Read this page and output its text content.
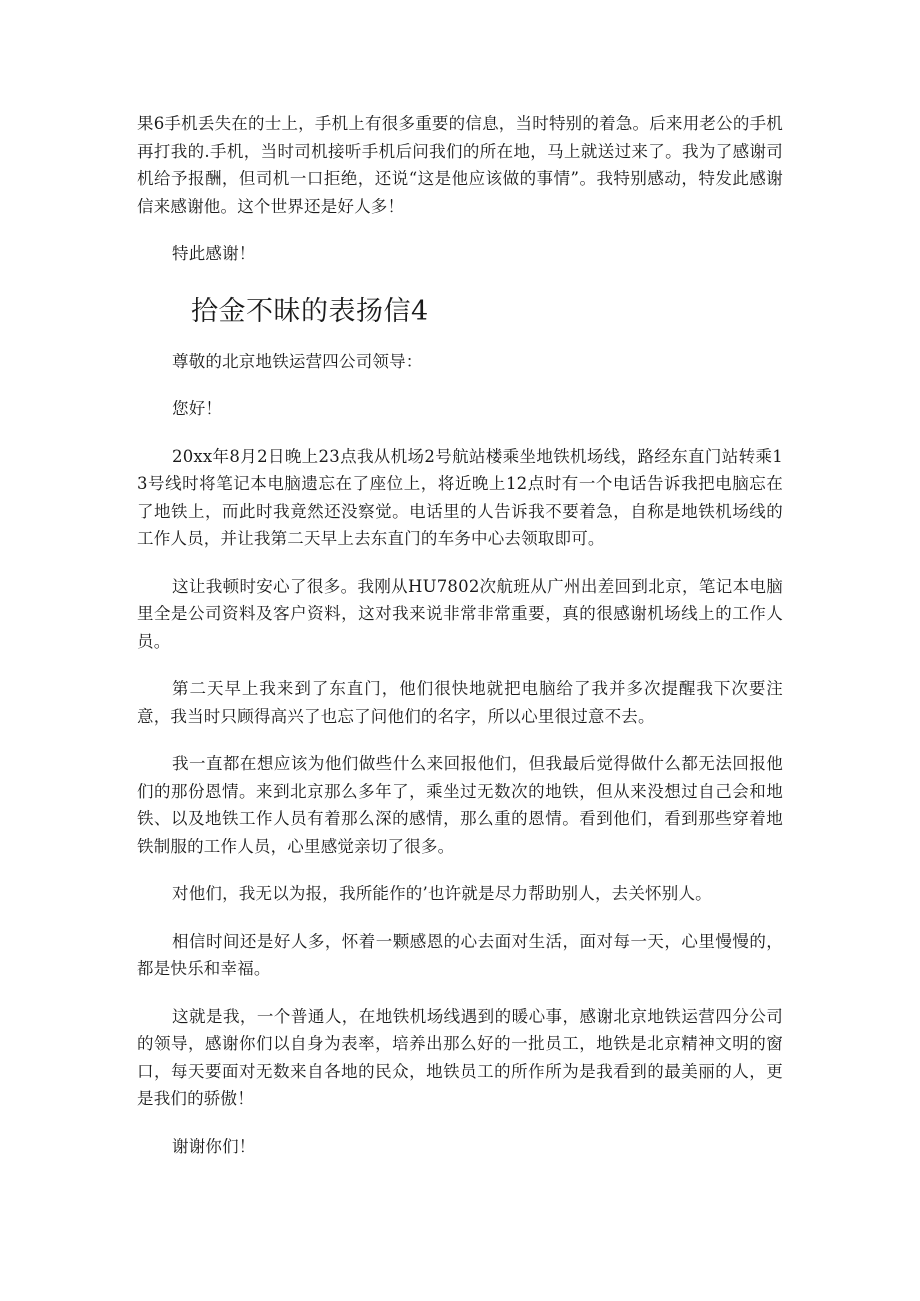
果6手机丢失在的士上，手机上有很多重要的信息，当时特别的着急。后来用老公的手机再打我的.手机，当时司机接听手机后问我们的所在地，马上就送过来了。我为了感谢司机给予报酬，但司机一口拒绝，还说“这是他应该做的事情”。我特别感动，特发此感谢信来感谢他。这个世界还是好人多！

特此感谢！

拾金不昧的表扬信4

尊敬的北京地铁运营四公司领导：

您好！

20xx年8月2日晚上23点我从机场2号航站楼乘坐地铁机场线，路经东直门站转乘13号线时将笔记本电脑遗忘在了座位上，将近晚上12点时有一个电话告诉我把电脑忘在了地铁上，而此时我竟然还没察觉。电话里的人告诉我不要着急，自称是地铁机场线的工作人员，并让我第二天早上去东直门的车务中心去领取即可。

这让我顿时安心了很多。我刚从HU7802次航班从广州出差回到北京，笔记本电脑里全是公司资料及客户资料，这对我来说非常非常重要，真的很感谢机场线上的工作人员。

第二天早上我来到了东直门，他们很快地就把电脑给了我并多次提醒我下次要注意，我当时只顾得高兴了也忘了问他们的名字，所以心里很过意不去。

我一直都在想应该为他们做些什么来回报他们，但我最后觉得做什么都无法回报他们的那份恩情。来到北京那么多年了，乘坐过无数次的地铁，但从来没想过自己会和地铁、以及地铁工作人员有着那么深的感情，那么重的恩情。看到他们，看到那些穿着地铁制服的工作人员，心里感觉亲切了很多。

对他们，我无以为报，我所能作的’也许就是尽力帮助别人，去关怀别人。

相信时间还是好人多，怀着一颗感恩的心去面对生活，面对每一天，心里慢慢的，都是快乐和幸福。

这就是我，一个普通人，在地铁机场线遇到的暖心事，感谢北京地铁运营四分公司的领导，感谢你们以自身为表率，培养出那么好的一批员工，地铁是北京精神文明的窗口，每天要面对无数来自各地的民众，地铁员工的所作所为是我看到的最美丽的人，更是我们的骄傲！

谢谢你们！
